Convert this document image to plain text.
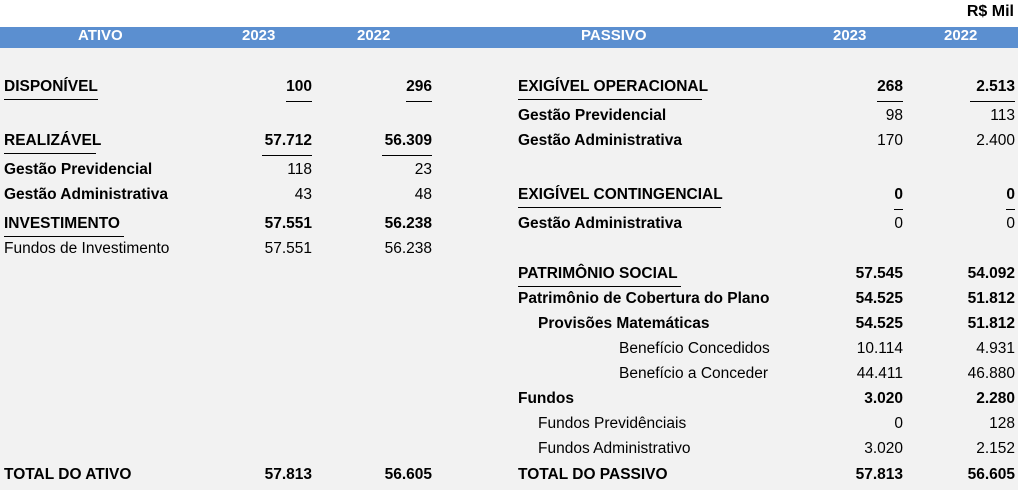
R$ Mil
ATIVO	2023	2022	PASSIVO	2023	2022
DISPONÍVEL	100	296
REALIZÁVEL	57.712	56.309
Gestão Previdencial	118	23
Gestão Administrativa	43	48
INVESTIMENTO	57.551	56.238
Fundos de Investimento	57.551	56.238
TOTAL DO ATIVO	57.813	56.605
EXIGÍVEL OPERACIONAL	268	2.513
Gestão Previdencial	98	113
Gestão Administrativa	170	2.400
EXIGÍVEL CONTINGENCIAL	0	0
Gestão Administrativa	0	0
PATRIMÔNIO SOCIAL	57.545	54.092
Patrimônio de Cobertura do Plano	54.525	51.812
Provisões Matemáticas	54.525	51.812
Benefício Concedidos	10.114	4.931
Benefício a Conceder	44.411	46.880
Fundos	3.020	2.280
Fundos Previdênciais	0	128
Fundos Administrativo	3.020	2.152
TOTAL DO PASSIVO	57.813	56.605
